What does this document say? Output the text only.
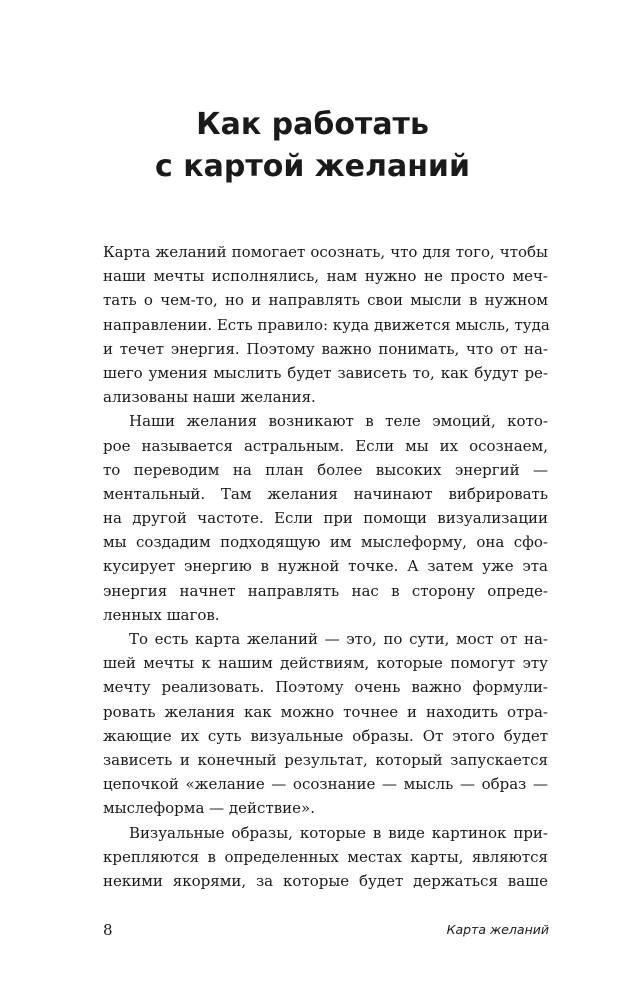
Как работать
с картой желаний
Карта желаний помогает осознать, что для того, чтобы
наши мечты исполнялись, нам нужно не просто меч-
тать о чем-то, но и направлять свои мысли в нужном
направлении. Есть правило: куда движется мысль, туда
и течет энергия. Поэтому важно понимать, что от на-
шего умения мыслить будет зависеть то, как будут ре-
ализованы наши желания.
Наши желания возникают в теле эмоций, кото-
рое называется астральным. Если мы их осознаем,
то переводим на план более высоких энергий —
ментальный. Там желания начинают вибрировать
на другой частоте. Если при помощи визуализации
мы создадим подходящую им мыслеформу, она сфо-
кусирует энергию в нужной точке. А затем уже эта
энергия начнет направлять нас в сторону опреде-
ленных шагов.
То есть карта желаний — это, по сути, мост от на-
шей мечты к нашим действиям, которые помогут эту
мечту реализовать. Поэтому очень важно формули-
ровать желания как можно точнее и находить отра-
жающие их суть визуальные образы. От этого будет
зависеть и конечный результат, который запускается
цепочкой «желание — осознание — мысль — образ —
мыслеформа — действие».
Визуальные образы, которые в виде картинок при-
крепляются в определенных местах карты, являются
некими якорями, за которые будет держаться ваше
8	Карта желаний
